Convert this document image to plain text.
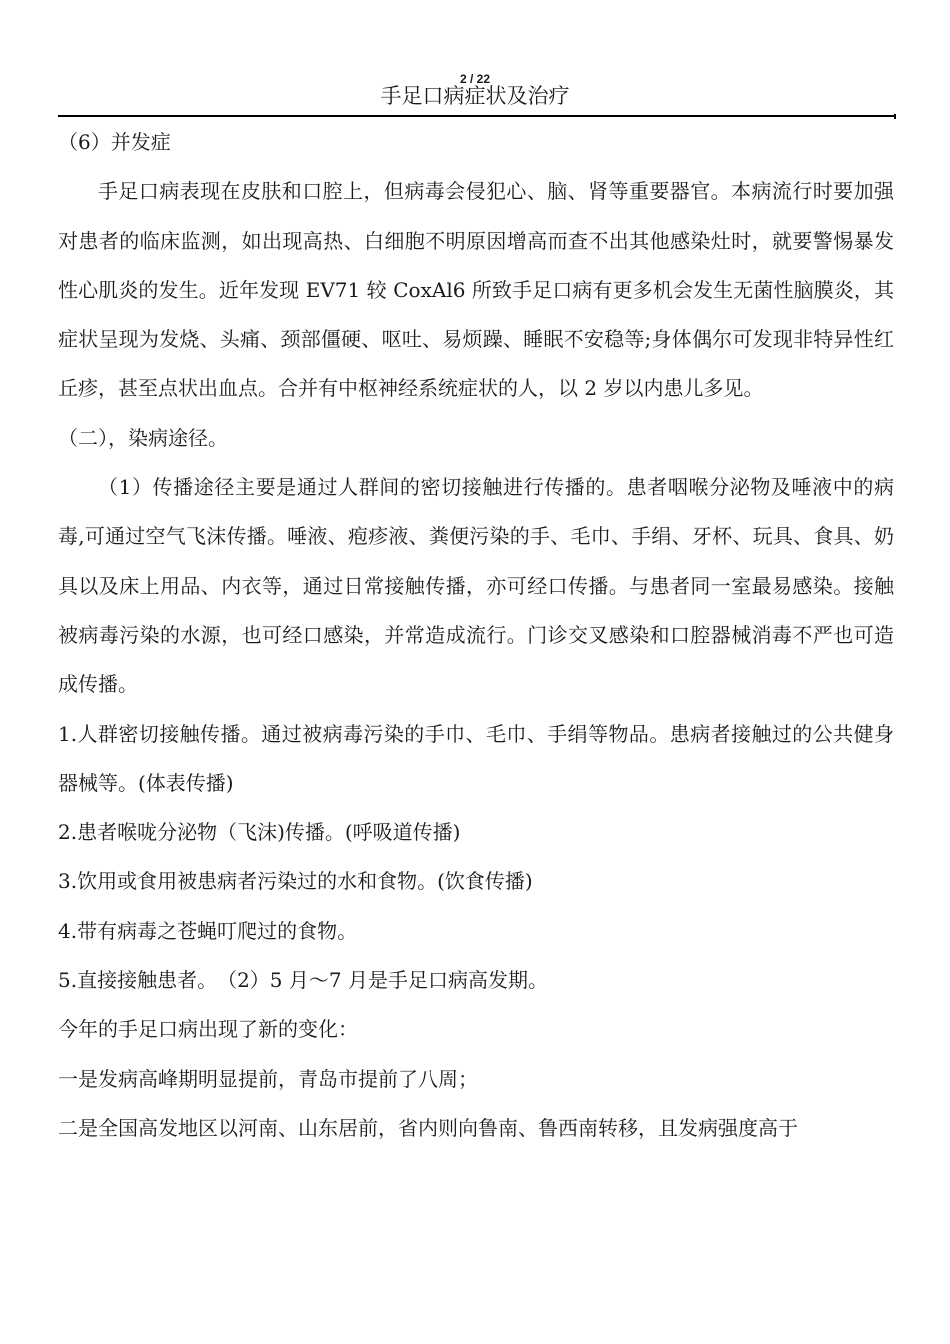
2 / 22
手足口病症状及治疗

（6）并发症

手足口病表现在皮肤和口腔上，但病毒会侵犯心、脑、肾等重要器官。本病流行时要加强对患者的临床监测，如出现高热、白细胞不明原因增高而查不出其他感染灶时，就要警惕暴发性心肌炎的发生。近年发现 EV71 较 CoxAl6 所致手足口病有更多机会发生无菌性脑膜炎，其症状呈现为发烧、头痛、颈部僵硬、呕吐、易烦躁、睡眠不安稳等;身体偶尔可发现非特异性红丘疹，甚至点状出血点。合并有中枢神经系统症状的人，以 2 岁以内患儿多见。

（二），染病途径。

（1）传播途径主要是通过人群间的密切接触进行传播的。患者咽喉分泌物及唾液中的病毒,可通过空气飞沫传播。唾液、疱疹液、粪便污染的手、毛巾、手绢、牙杯、玩具、食具、奶具以及床上用品、内衣等，通过日常接触传播，亦可经口传播。与患者同一室最易感染。接触被病毒污染的水源，也可经口感染，并常造成流行。门诊交叉感染和口腔器械消毒不严也可造成传播。

1.人群密切接触传播。通过被病毒污染的手巾、毛巾、手绢等物品。患病者接触过的公共健身器械等。(体表传播)

2.患者喉咙分泌物（飞沫)传播。(呼吸道传播)

3.饮用或食用被患病者污染过的水和食物。(饮食传播)

4.带有病毒之苍蝇叮爬过的食物。

5.直接接触患者。　（2）5 月～7 月是手足口病高发期。

今年的手足口病出现了新的变化：

一是发病高峰期明显提前，青岛市提前了八周；

二是全国高发地区以河南、山东居前，省内则向鲁南、鲁西南转移，且发病强度高于
